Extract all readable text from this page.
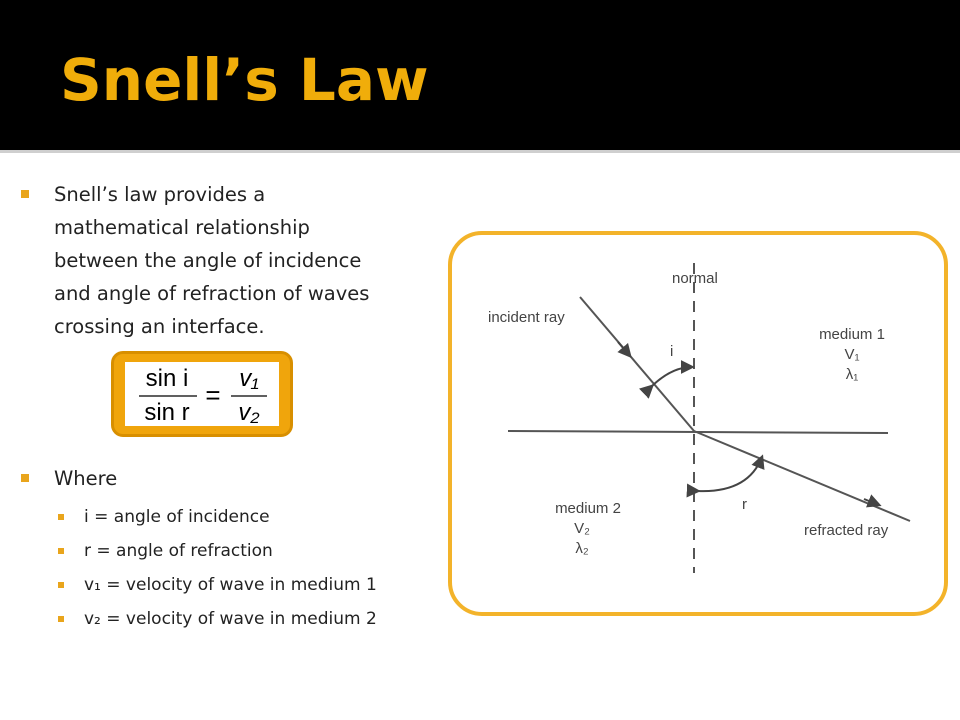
Snell’s Law
Snell’s law provides a
mathematical relationship
between the angle of incidence
and angle of refraction of waves
crossing an interface.
sin i
sin r
=
v₁
v₂
Where
i = angle of incidence
r = angle of refraction
v₁ = velocity of wave in medium 1
v₂ = velocity of wave in medium 2
normal
incident ray
i
r
refracted ray
medium 1
V₁
λ₁
medium 2
V₂
λ₂
